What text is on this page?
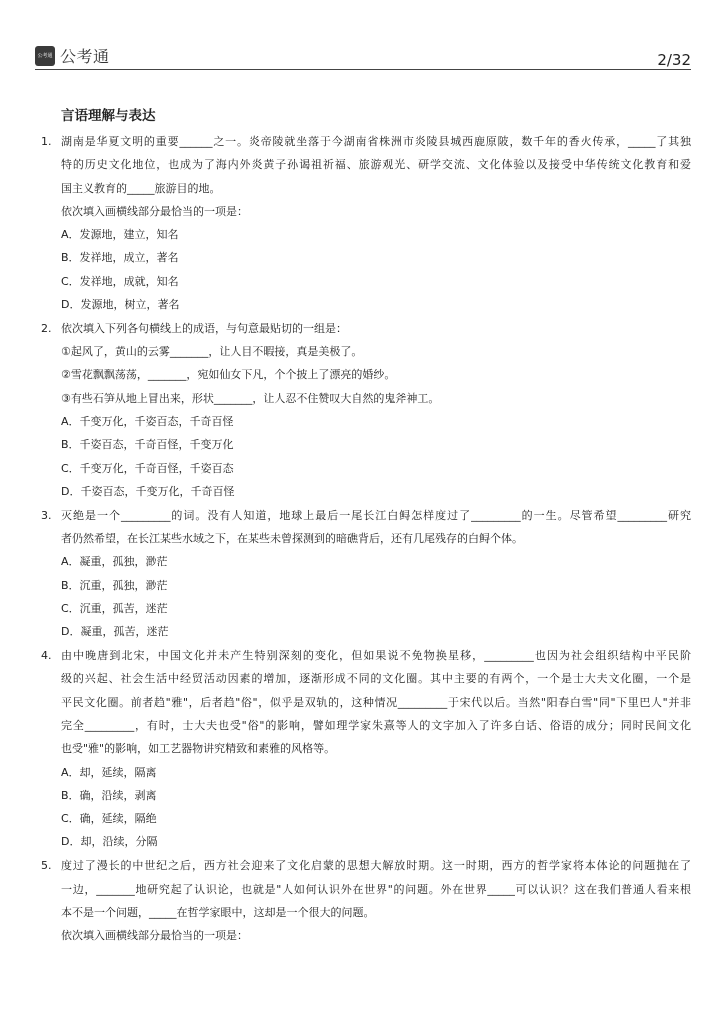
公考通 公考通	2/32
言语理解与表达
1. 湖南是华夏文明的重要______之一。炎帝陵就坐落于今湖南省株洲市炎陵县城西鹿原陂，数千年的香火传承，_____了其独
特的历史文化地位，也成为了海内外炎黄子孙谒祖祈福、旅游观光、研学交流、文化体验以及接受中华传统文化教育和爱
国主义教育的_____旅游目的地。
依次填入画横线部分最恰当的一项是：
A．发源地，建立，知名
B．发祥地，成立，著名
C．发祥地，成就，知名
D．发源地，树立，著名
2. 依次填入下列各句横线上的成语，与句意最贴切的一组是：
①起风了，黄山的云雾_______，让人目不暇接，真是美极了。
②雪花飘飘荡荡，_______，宛如仙女下凡，个个披上了漂亮的婚纱。
③有些石笋从地上冒出来，形状_______，让人忍不住赞叹大自然的鬼斧神工。
A．千变万化，千姿百态，千奇百怪
B．千姿百态，千奇百怪，千变万化
C．千变万化，千奇百怪，千姿百态
D．千姿百态，千变万化，千奇百怪
3. 灭绝是一个_________的词。没有人知道，地球上最后一尾长江白鲟怎样度过了_________的一生。尽管希望_________研究
者仍然希望，在长江某些水域之下，在某些未曾探测到的暗礁背后，还有几尾残存的白鲟个体。
A．凝重，孤独，渺茫
B．沉重，孤独，渺茫
C．沉重，孤苦，迷茫
D．凝重，孤苦，迷茫
4. 由中晚唐到北宋，中国文化并未产生特别深刻的变化，但如果说不免物换星移，_________也因为社会组织结构中平民阶
级的兴起、社会生活中经贸活动因素的增加，逐渐形成不同的文化圈。其中主要的有两个，一个是士大夫文化圈，一个是
平民文化圈。前者趋"雅"，后者趋"俗"，似乎是双轨的，这种情况_________于宋代以后。当然"阳春白雪"同"下里巴人"并非
完全_________，有时，士大夫也受"俗"的影响，譬如理学家朱熹等人的文字加入了许多白话、俗语的成分；同时民间文化
也受"雅"的影响，如工艺器物讲究精致和素雅的风格等。
A．却，延续，隔离
B．确，沿续，剥离
C．确，延续，隔绝
D．却，沿续，分隔
5. 度过了漫长的中世纪之后，西方社会迎来了文化启蒙的思想大解放时期。这一时期，西方的哲学家将本体论的问题抛在了
一边，_______地研究起了认识论，也就是"人如何认识外在世界"的问题。外在世界_____可以认识？这在我们普通人看来根
本不是一个问题，_____在哲学家眼中，这却是一个很大的问题。
依次填入画横线部分最恰当的一项是：
